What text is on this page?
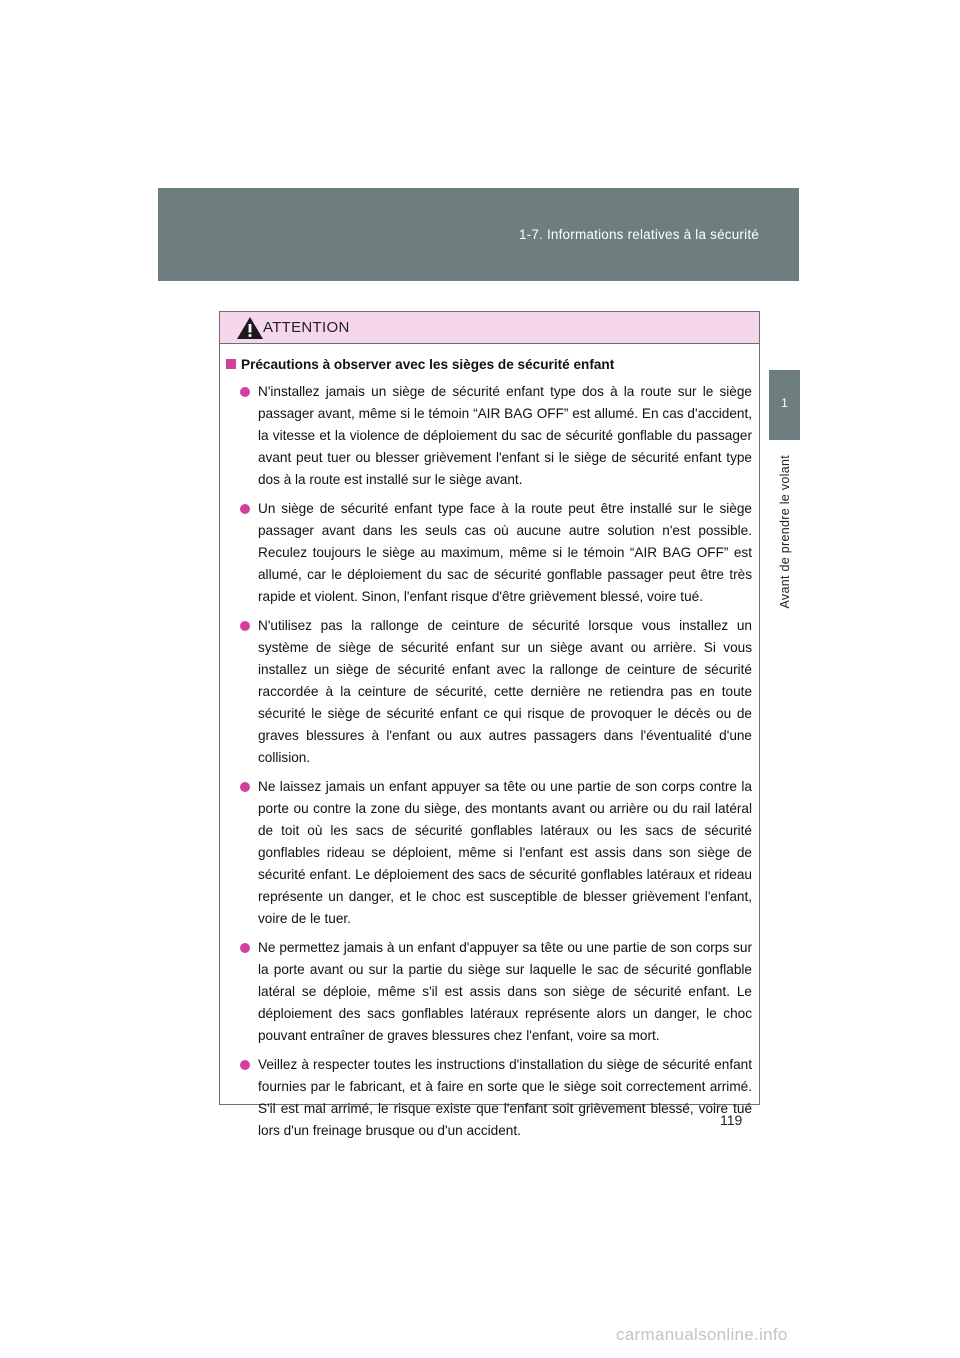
1-7. Informations relatives à la sécurité
1
Avant de prendre le volant
ATTENTION
Précautions à observer avec les sièges de sécurité enfant
N'installez jamais un siège de sécurité enfant type dos à la route sur le siège passager avant, même si le témoin “AIR BAG OFF” est allumé. En cas d'accident, la vitesse et la violence de déploiement du sac de sécurité gonflable du passager avant peut tuer ou blesser grièvement l'enfant si le siège de sécurité enfant type dos à la route est installé sur le siège avant.
Un siège de sécurité enfant type face à la route peut être installé sur le siège passager avant dans les seuls cas où aucune autre solution n'est possible. Reculez toujours le siège au maximum, même si le témoin “AIR BAG OFF” est allumé, car le déploiement du sac de sécurité gonflable passager peut être très rapide et violent. Sinon, l'enfant risque d'être grièvement blessé, voire tué.
N'utilisez pas la rallonge de ceinture de sécurité lorsque vous installez un système de siège de sécurité enfant sur un siège avant ou arrière. Si vous installez un siège de sécurité enfant avec la rallonge de ceinture de sécurité raccordée à la ceinture de sécurité, cette dernière ne retiendra pas en toute sécurité le siège de sécurité enfant ce qui risque de provoquer le décès ou de graves blessures à l'enfant ou aux autres passagers dans l'éventualité d'une collision.
Ne laissez jamais un enfant appuyer sa tête ou une partie de son corps contre la porte ou contre la zone du siège, des montants avant ou arrière ou du rail latéral de toit où les sacs de sécurité gonflables latéraux ou les sacs de sécurité gonflables rideau se déploient, même si l'enfant est assis dans son siège de sécurité enfant. Le déploiement des sacs de sécurité gonflables latéraux et rideau représente un danger, et le choc est susceptible de blesser grièvement l'enfant, voire de le tuer.
Ne permettez jamais à un enfant d'appuyer sa tête ou une partie de son corps sur la porte avant ou sur la partie du siège sur laquelle le sac de sécurité gonflable latéral se déploie, même s'il est assis dans son siège de sécurité enfant. Le déploiement des sacs gonflables latéraux représente alors un danger, le choc pouvant entraîner de graves blessures chez l'enfant, voire sa mort.
Veillez à respecter toutes les instructions d'installation du siège de sécurité enfant fournies par le fabricant, et à faire en sorte que le siège soit correctement arrimé. S'il est mal arrimé, le risque existe que l'enfant soit grièvement blessé, voire tué lors d'un freinage brusque ou d'un accident.
119
carmanualsonline.info
